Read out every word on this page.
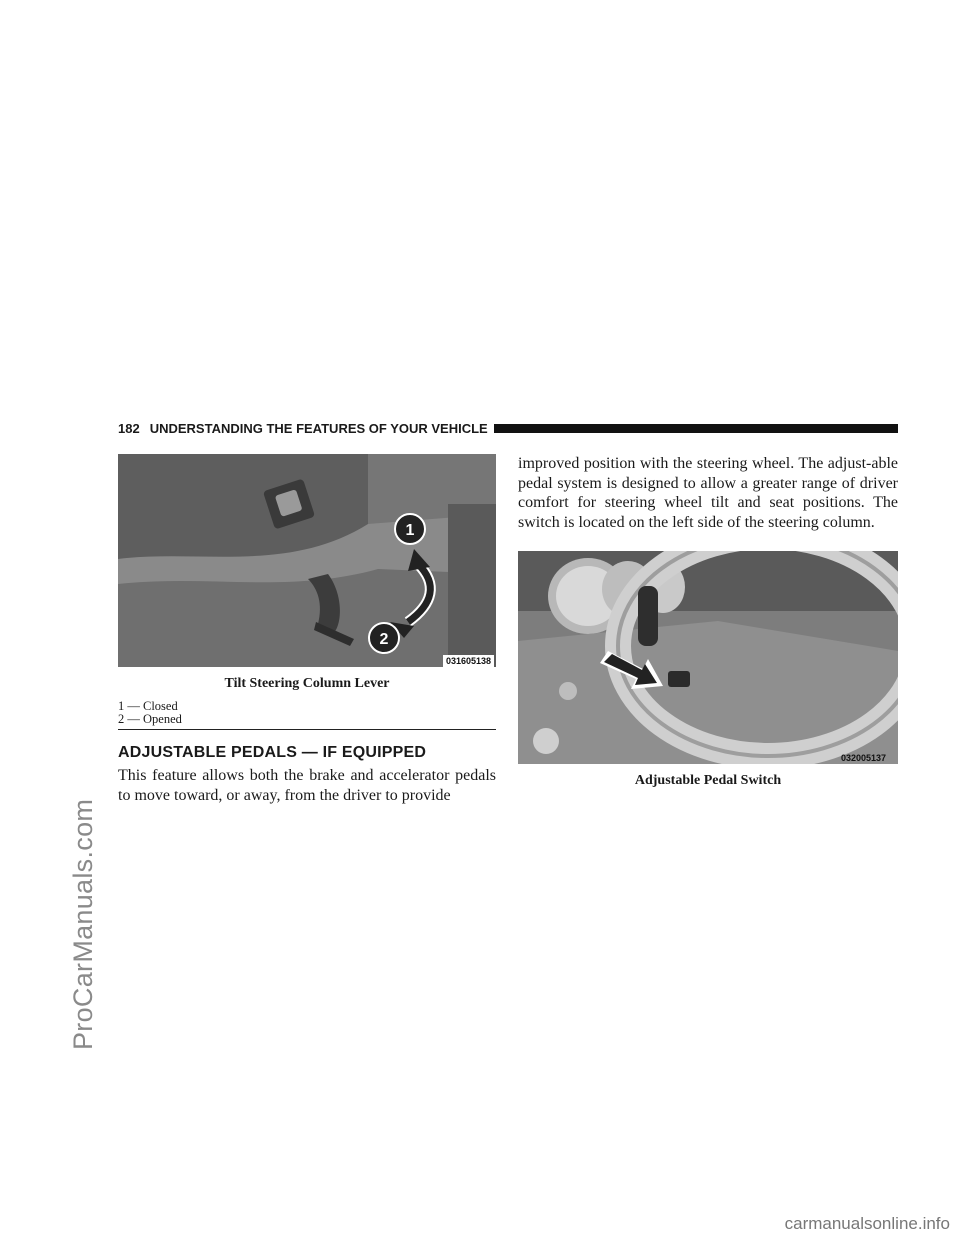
ProCarManuals.com
182 UNDERSTANDING THE FEATURES OF YOUR VEHICLE
1
2
031605138
Tilt Steering Column Lever
1 — Closed
2 — Opened
ADJUSTABLE PEDALS — IF EQUIPPED

This feature allows both the brake and accelerator pedals to move toward, or away, from the driver to provide

improved position with the steering wheel. The adjust-able pedal system is designed to allow a greater range of driver comfort for steering wheel tilt and seat positions. The switch is located on the left side of the steering column.

032005137
Adjustable Pedal Switch
carmanualsonline.info
